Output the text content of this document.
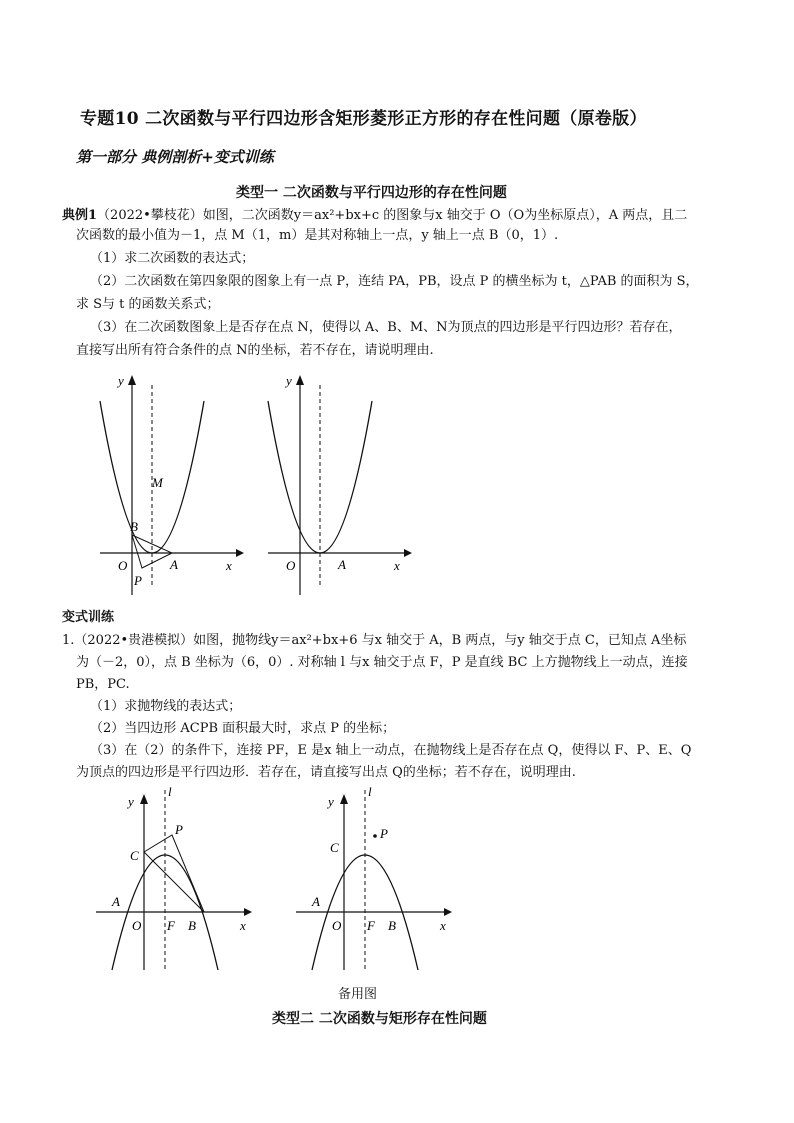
专题10 二次函数与平行四边形含矩形菱形正方形的存在性问题（原卷版）
第一部分 典例剖析+变式训练
类型一 二次函数与平行四边形的存在性问题
典例1（2022•攀枝花）如图，二次函数y＝ax²+bx+c 的图象与x 轴交于 O（O为坐标原点），A 两点，且二
次函数的最小值为－1，点 M（1，m）是其对称轴上一点，y 轴上一点 B（0，1）.
（1）求二次函数的表达式；
（2）二次函数在第四象限的图象上有一点 P，连结 PA，PB，设点 P 的横坐标为 t，△PAB 的面积为 S，
求 S与 t 的函数关系式；
（3）在二次函数图象上是否存在点 N，使得以 A、B、M、N为顶点的四边形是平行四边形？若存在，
直接写出所有符合条件的点 N的坐标，若不存在，请说明理由.
y
x
O	A
B
M
P
y
x
O	A
变式训练
1.（2022•贵港模拟）如图，抛物线y＝ax²+bx+6 与x 轴交于 A，B 两点，与y 轴交于点 C，已知点 A坐标
为（－2，0），点 B 坐标为（6，0）. 对称轴 l 与x 轴交于点 F，P 是直线 BC 上方抛物线上一动点，连接
PB，PC.
（1）求抛物线的表达式；
（2）当四边形 ACPB 面积最大时，求点 P 的坐标；
（3）在（2）的条件下，连接 PF，E 是x 轴上一动点，在抛物线上是否存在点 Q，使得以 F、P、E、Q
为顶点的四边形是平行四边形．若存在，请直接写出点 Q的坐标；若不存在，说明理由.
y
l
x
O
A
B
C
F
P
y
l
x
O
A
B
C
F
P
备用图
类型二 二次函数与矩形存在性问题
